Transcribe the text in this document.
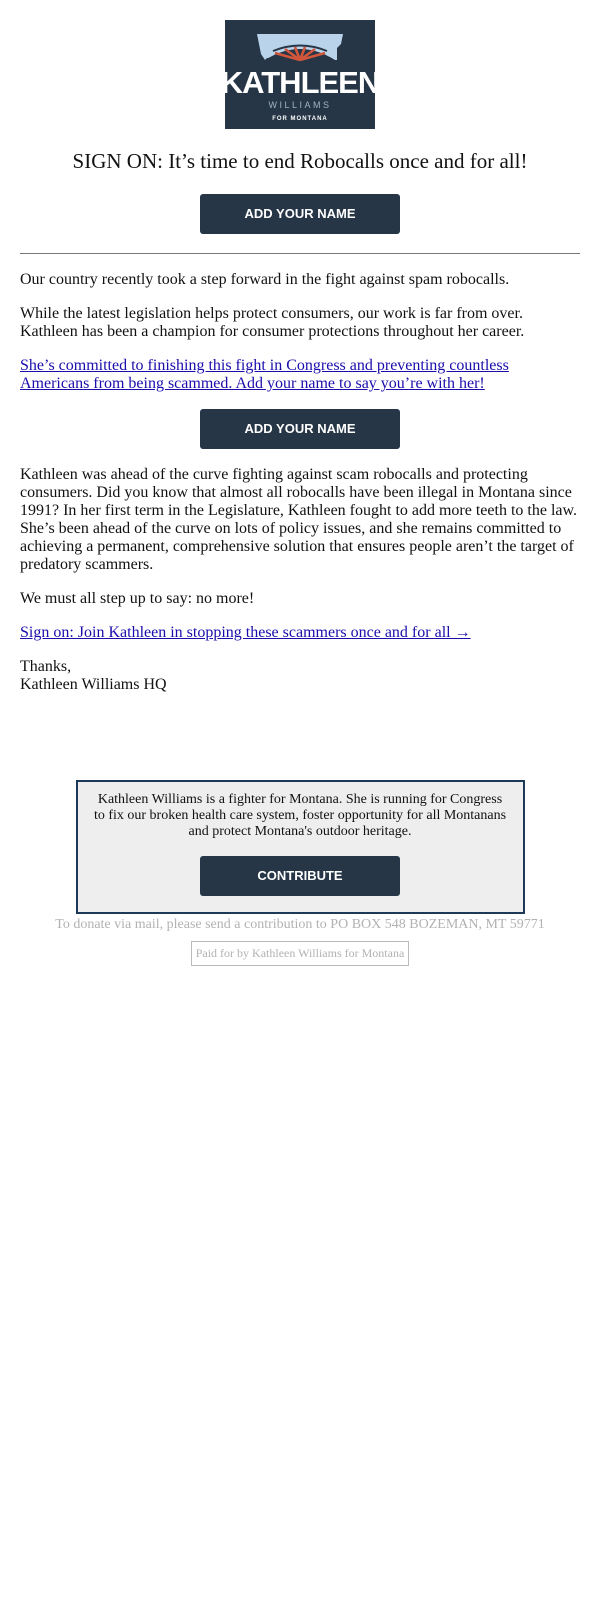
KATHLEEN
WILLIAMS
FOR MONTANA
SIGN ON: It’s time to end Robocalls once and for all!
ADD YOUR NAME

Our country recently took a step forward in the fight against spam robocalls.

While the latest legislation helps protect consumers, our work is far from over. Kathleen has been a champion for consumer protections throughout her career.

She’s committed to finishing this fight in Congress and preventing countless Americans from being scammed. Add your name to say you’re with her!

ADD YOUR NAME

Kathleen was ahead of the curve fighting against scam robocalls and protecting consumers. Did you know that almost all robocalls have been illegal in Montana since 1991? In her first term in the Legislature, Kathleen fought to add more teeth to the law. She’s been ahead of the curve on lots of policy issues, and she remains committed to achieving a permanent, comprehensive solution that ensures people aren’t the target of predatory scammers.

We must all step up to say: no more!

Sign on: Join Kathleen in stopping these scammers once and for all →

Thanks,

Kathleen Williams HQ

Kathleen Williams is a fighter for Montana. She is running for Congress to fix our broken health care system, foster opportunity for all Montanans and protect Montana's outdoor heritage.

CONTRIBUTE
To donate via mail, please send a contribution to PO BOX 548 BOZEMAN, MT 59771
Paid for by Kathleen Williams for Montana
